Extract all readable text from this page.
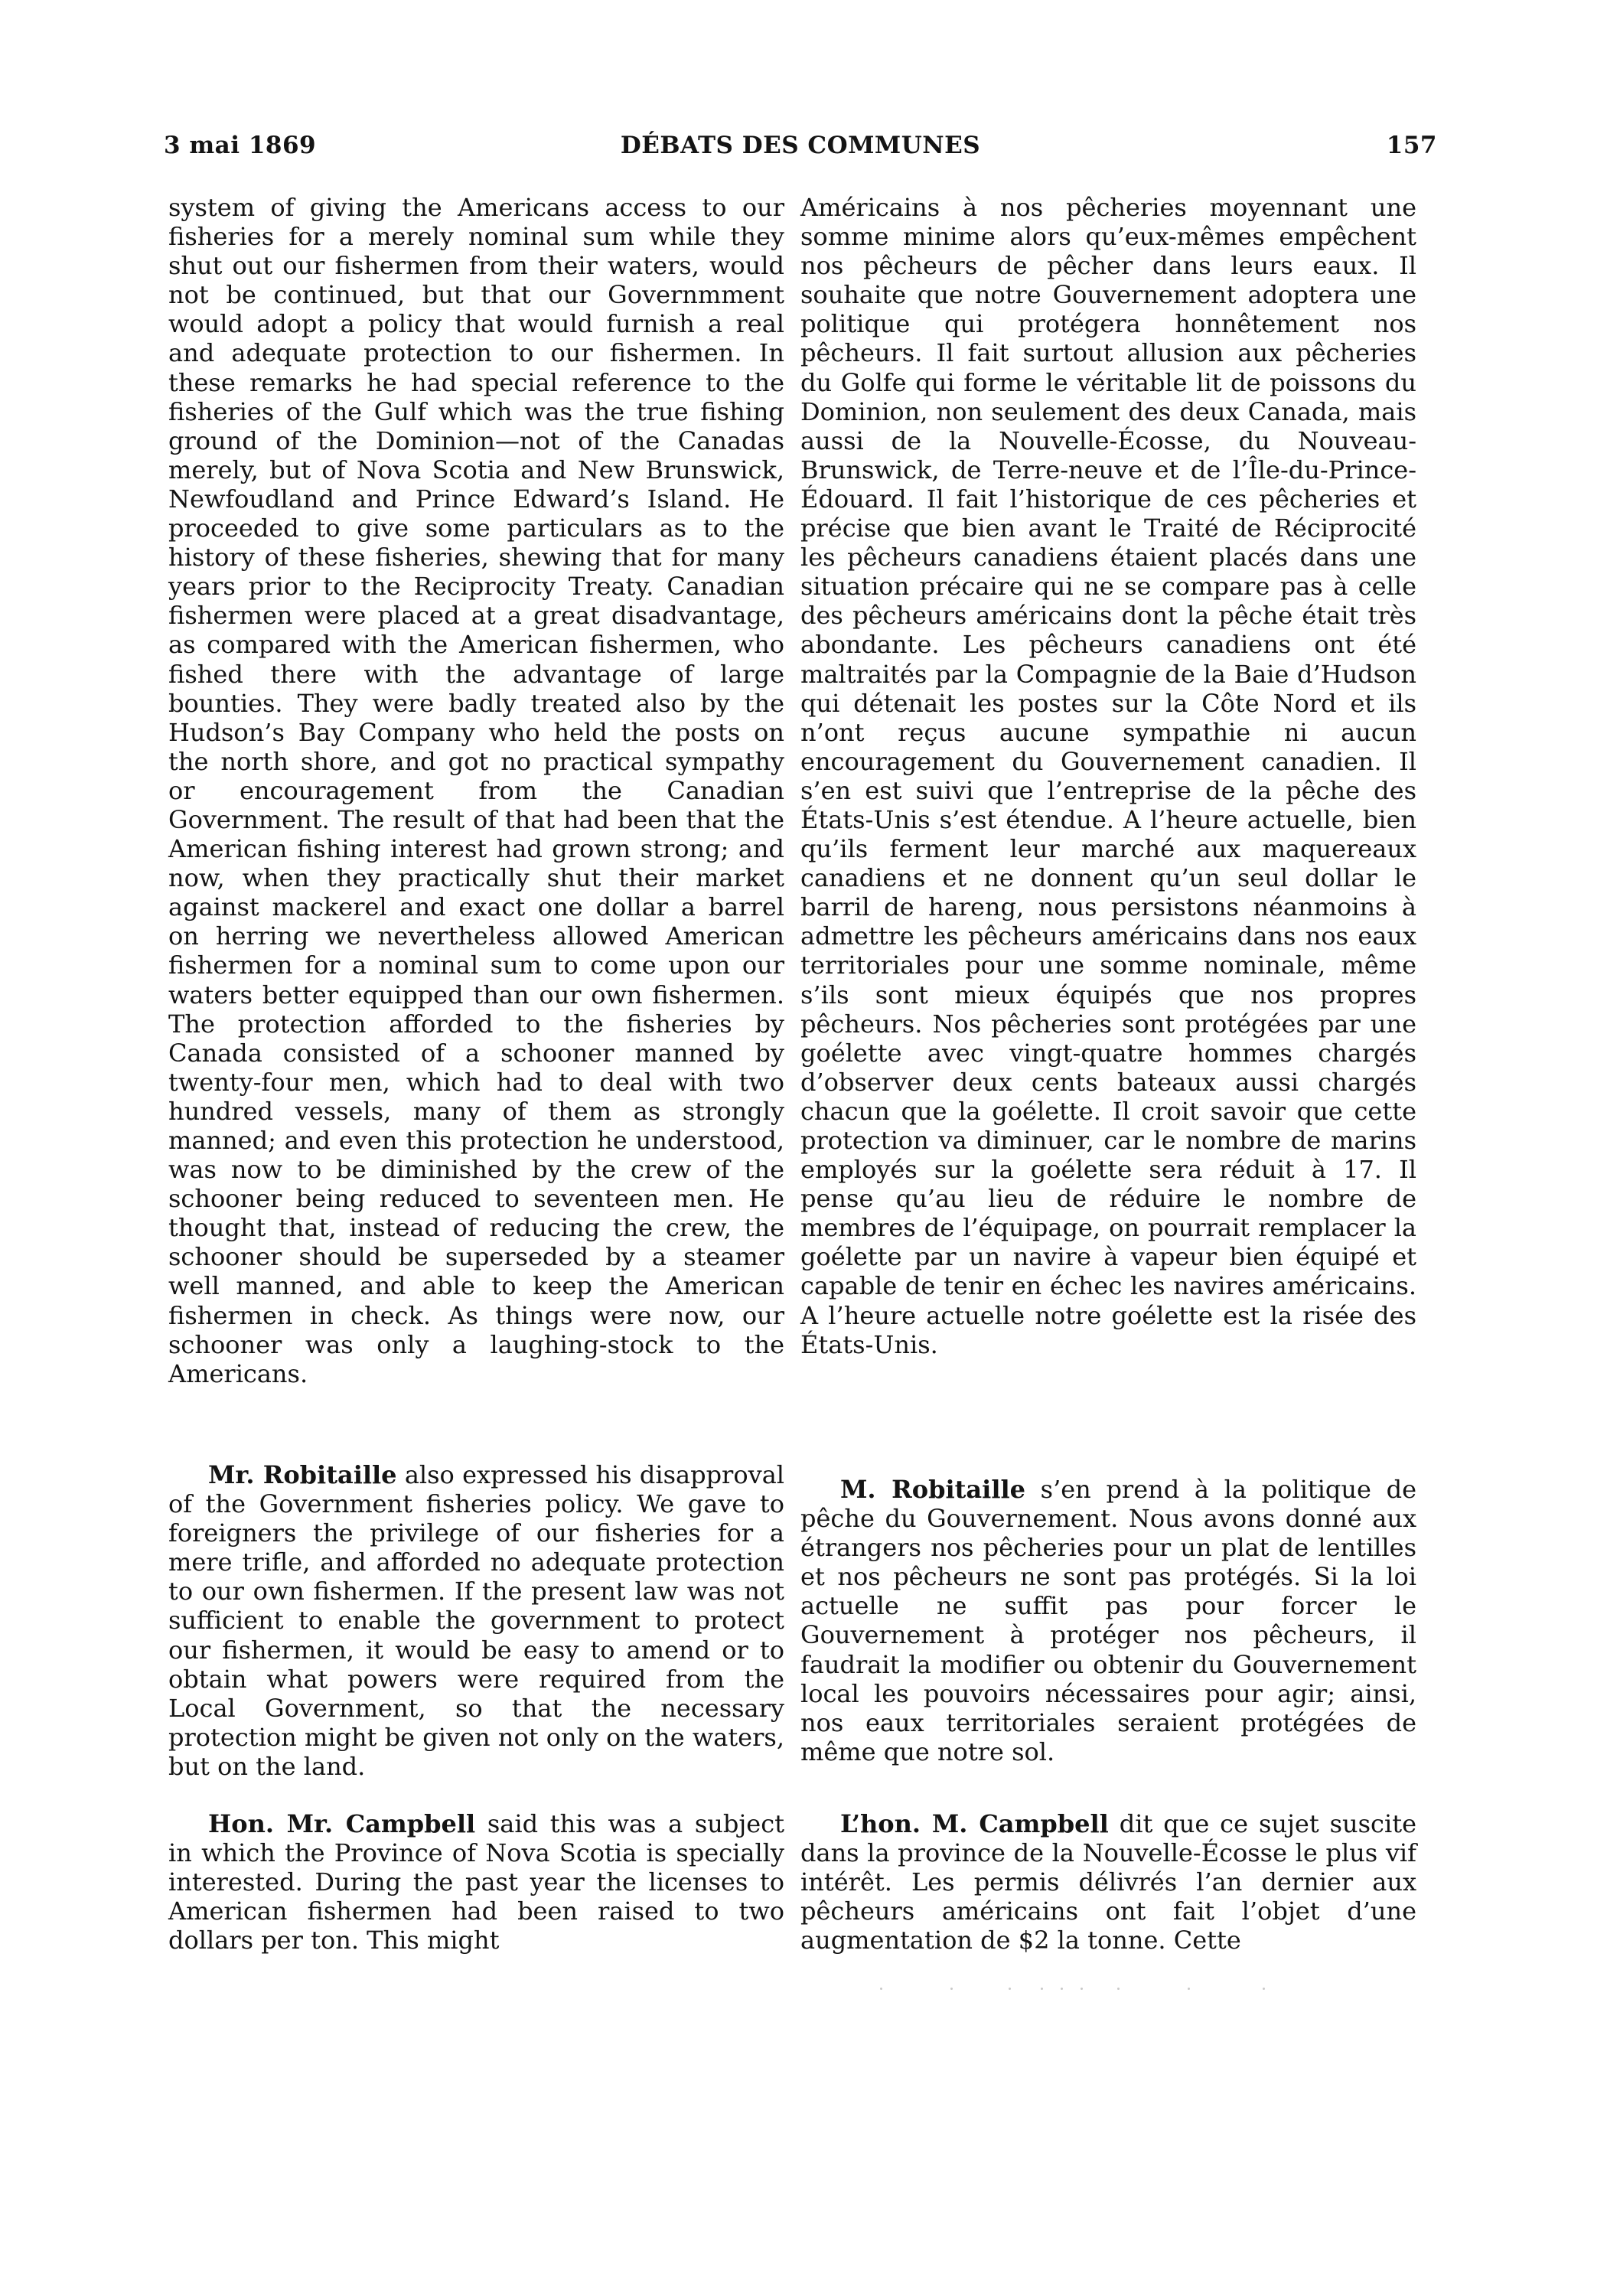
3 mai 1869	DÉBATS DES COMMUNES	157

system of giving the Americans access to our fisheries for a merely nominal sum while they shut out our fishermen from their waters, would not be continued, but that our Governmment would adopt a policy that would furnish a real and adequate protection to our fishermen. In these remarks he had special reference to the fisheries of the Gulf which was the true fishing ground of the Dominion—not of the Canadas merely, but of Nova Scotia and New Brunswick, Newfoudland and Prince Edward’s Island. He proceeded to give some particulars as to the history of these fisheries, shewing that for many years prior to the Reciprocity Treaty. Canadian fishermen were placed at a great disadvantage, as compared with the American fishermen, who fished there with the advantage of large bounties. They were badly treated also by the Hudson’s Bay Company who held the posts on the north shore, and got no practical sympathy or encouragement from the Canadian Government. The result of that had been that the American fishing interest had grown strong; and now, when they practically shut their market against mackerel and exact one dollar a barrel on herring we nevertheless allowed American fishermen for a nominal sum to come upon our waters better equipped than our own fishermen. The protection afforded to the fisheries by Canada consisted of a schooner manned by twenty-four men, which had to deal with two hundred vessels, many of them as strongly manned; and even this protection he understood, was now to be diminished by the crew of the schooner being reduced to seventeen men. He thought that, instead of reducing the crew, the schooner should be superseded by a steamer well manned, and able to keep the American fishermen in check. As things were now, our schooner was only a laughing-stock to the Americans.

Mr. Robitaille also expressed his disapproval of the Government fisheries policy. We gave to foreigners the privilege of our fisheries for a mere trifle, and afforded no adequate protection to our own fishermen. If the present law was not sufficient to enable the government to protect our fishermen, it would be easy to amend or to obtain what powers were required from the Local Government, so that the necessary protection might be given not only on the waters, but on the land.

Hon. Mr. Campbell said this was a subject in which the Province of Nova Scotia is specially interested. During the past year the licenses to American fishermen had been raised to two dollars per ton. This might

Américains à nos pêcheries moyennant une somme minime alors qu’eux-mêmes empêchent nos pêcheurs de pêcher dans leurs eaux. Il souhaite que notre Gouvernement adoptera une politique qui protégera honnêtement nos pêcheurs. Il fait surtout allusion aux pêcheries du Golfe qui forme le véritable lit de poissons du Dominion, non seulement des deux Canada, mais aussi de la Nouvelle-Écosse, du Nouveau-Brunswick, de Terre-neuve et de l’Île-du-Prince-Édouard. Il fait l’historique de ces pêcheries et précise que bien avant le Traité de Réciprocité les pêcheurs canadiens étaient placés dans une situation précaire qui ne se compare pas à celle des pêcheurs américains dont la pêche était très abondante. Les pêcheurs canadiens ont été maltraités par la Compagnie de la Baie d’Hudson qui détenait les postes sur la Côte Nord et ils n’ont reçus aucune sympathie ni aucun encouragement du Gouvernement canadien. Il s’en est suivi que l’entreprise de la pêche des États-Unis s’est étendue. A l’heure actuelle, bien qu’ils ferment leur marché aux maquereaux canadiens et ne donnent qu’un seul dollar le barril de hareng, nous persistons néanmoins à admettre les pêcheurs américains dans nos eaux territoriales pour une somme nominale, même s’ils sont mieux équipés que nos propres pêcheurs. Nos pêcheries sont protégées par une goélette avec vingt-quatre hommes chargés d’observer deux cents bateaux aussi chargés chacun que la goélette. Il croit savoir que cette protection va diminuer, car le nombre de marins employés sur la goélette sera réduit à 17. Il pense qu’au lieu de réduire le nombre de membres de l’équipage, on pourrait remplacer la goélette par un navire à vapeur bien équipé et capable de tenir en échec les navires américains. A l’heure actuelle notre goélette est la risée des États-Unis.

M. Robitaille s’en prend à la politique de pêche du Gouvernement. Nous avons donné aux étrangers nos pêcheries pour un plat de lentilles et nos pêcheurs ne sont pas protégés. Si la loi actuelle ne suffit pas pour forcer le Gouvernement à protéger nos pêcheurs, il faudrait la modifier ou obtenir du Gouvernement local les pouvoirs nécessaires pour agir; ainsi, nos eaux territoriales seraient protégées de même que notre sol.

L’hon. M. Campbell dit que ce sujet suscite dans la province de la Nouvelle-Écosse le plus vif intérêt. Les permis délivrés l’an dernier aux pêcheurs américains ont fait l’objet d’une augmentation de $2 la tonne. Cette
